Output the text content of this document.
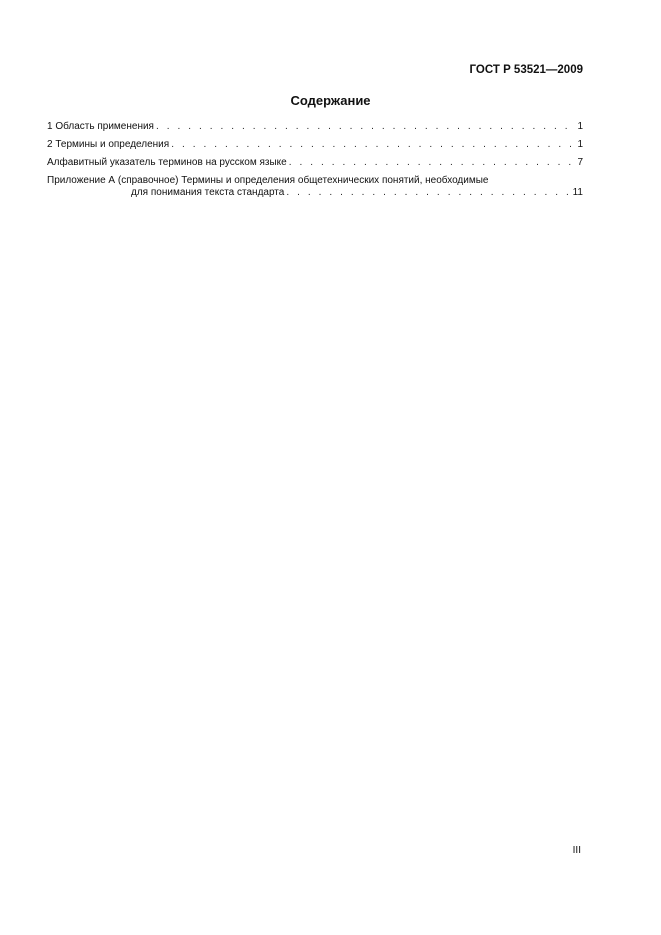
ГОСТ Р 53521—2009
Содержание
1 Область применения . . .	1
2 Термины и определения . . .	1
Алфавитный указатель терминов на русском языке . . .	7
Приложение А (справочное) Термины и определения общетехнических понятий, необходимые
для понимания текста стандарта . . .	11
III
